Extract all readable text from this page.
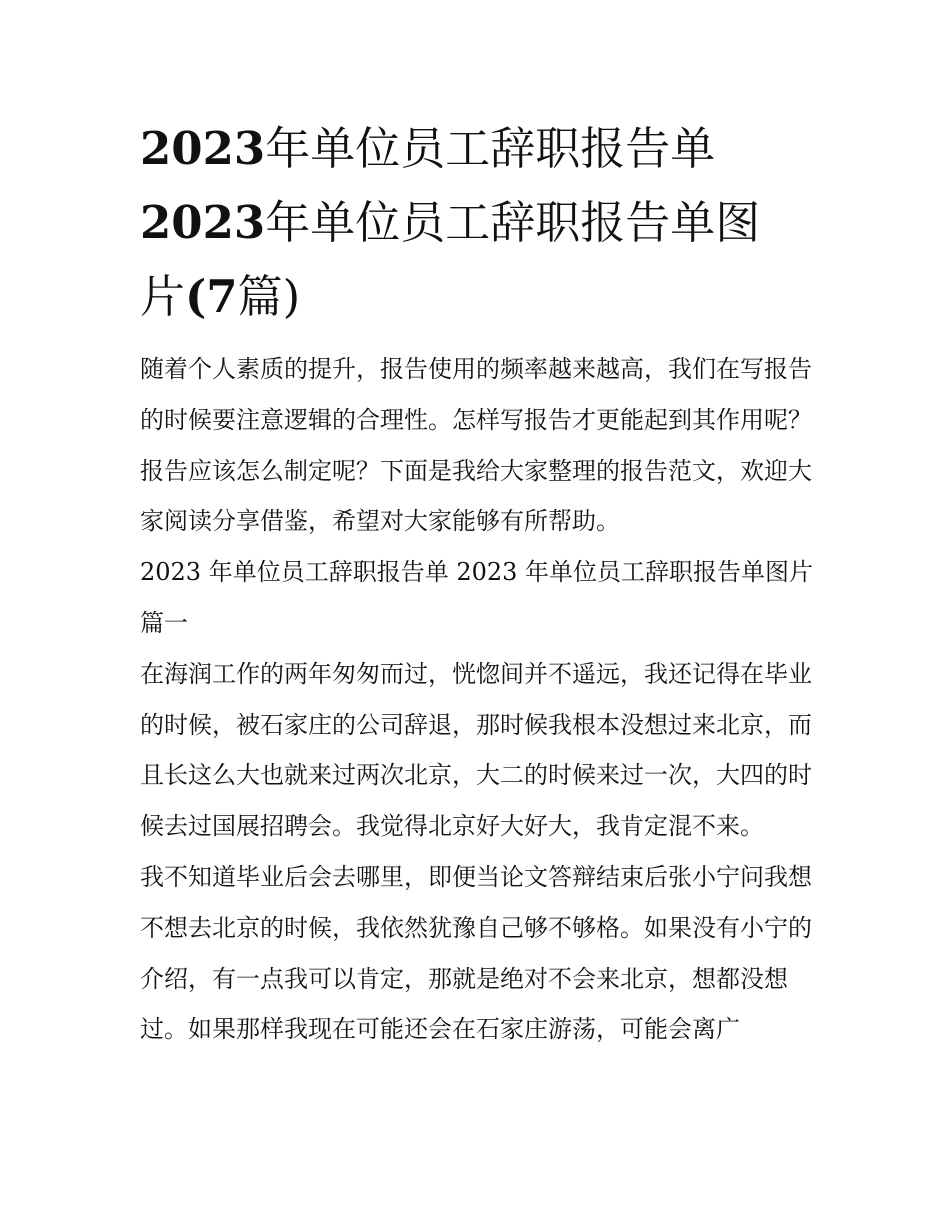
2023年单位员工辞职报告单
2023年单位员工辞职报告单图
片(7篇)

随着个人素质的提升，报告使用的频率越来越高，我们在写报告的时候要注意逻辑的合理性。怎样写报告才更能起到其作用呢？报告应该怎么制定呢？下面是我给大家整理的报告范文，欢迎大家阅读分享借鉴，希望对大家能够有所帮助。

2023 年单位员工辞职报告单 2023 年单位员工辞职报告单图片篇一

在海润工作的两年匆匆而过，恍惚间并不遥远，我还记得在毕业的时候，被石家庄的公司辞退，那时候我根本没想过来北京，而且长这么大也就来过两次北京，大二的时候来过一次，大四的时候去过国展招聘会。我觉得北京好大好大，我肯定混不来。

我不知道毕业后会去哪里，即便当论文答辩结束后张小宁问我想不想去北京的时候，我依然犹豫自己够不够格。如果没有小宁的介绍，有一点我可以肯定，那就是绝对不会来北京，想都没想过。如果那样我现在可能还会在石家庄游荡，可能会离广
